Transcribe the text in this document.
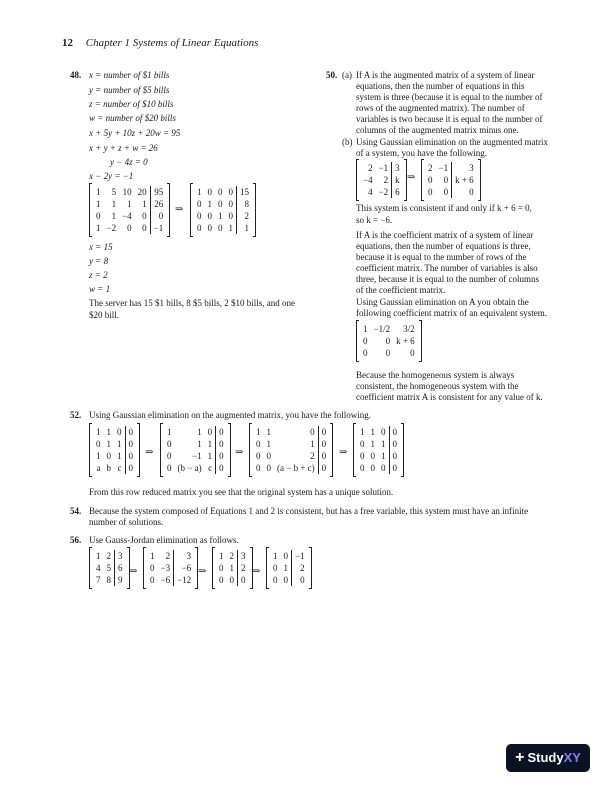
12 Chapter 1 Systems of Linear Equations
48. x = number of $1 bills
y = number of $5 bills
z = number of $10 bills
w = number of $20 bills
x + 5y + 10z + 20w = 95
x + y + z + w = 26
y − 4z = 0
x − 2y = −1
1	5	10	20		95
1	1	1	1		26
0	1	−4	0		0
1	−2	0	0		−1
⇒
1	0	0	0		15
0	1	0	0		8
0	0	1	0		2
0	0	0	1		1
x = 15
y = 8
z = 2
w = 1
The server has 15 $1 bills, 8 $5 bills, 2 $10 bills, and one
$20 bill.
50. (a) If A is the augmented matrix of a system of linear
equations, then the number of equations in this
system is three (because it is equal to the number of
rows of the augmented matrix). The number of
variables is two because it is equal to the number of
columns of the augmented matrix minus one.
(b) Using Gaussian elimination on the augmented matrix
of a system, you have the following.
2	−1		3
−4	2		k
4	−2		6
⇒
2	−1		3
0	0		k + 6
0	0		0
This system is consistent if and only if k + 6 = 0,
so k = −6.
If A is the coefficient matrix of a system of linear
equations, then the number of equations is three,
because it is equal to the number of rows of the
coefficient matrix. The number of variables is also
three, because it is equal to the number of columns
of the coefficient matrix.
Using Gaussian elimination on A you obtain the
following coefficient matrix of an equivalent system.
1	−1/2	3/2
0	0	k + 6
0	0	0
Because the homogeneous system is always
consistent, the homogeneous system with the
coefficient matrix A is consistent for any value of k.
52. Using Gaussian elimination on the augmented matrix, you have the following.
1	1	0		0
0	1	1		0
1	0	1		0
a	b	c		0
⇒
1	1	0		0
0	1	1		0
0	−1	1		0
0	(b − a)	c		0
⇒
1	1	0		0
0	1	1		0
0	0	2		0
0	0	(a − b + c)		0
⇒
1	1	0		0
0	1	1		0
0	0	1		0
0	0	0		0
From this row reduced matrix you see that the original system has a unique solution.
54. Because the system composed of Equations 1 and 2 is consistent, but has a free variable, this system must have an infinite
number of solutions.
56. Use Gauss-Jordan elimination as follows.
1	2		3
4	5		6
7	8		9
⇒
1	2		3
0	−3		−6
0	−6		−12
⇒
1	2		3
0	1		2
0	0		0
⇒
1	0		−1
0	1		2
0	0		0
+ StudyXY
